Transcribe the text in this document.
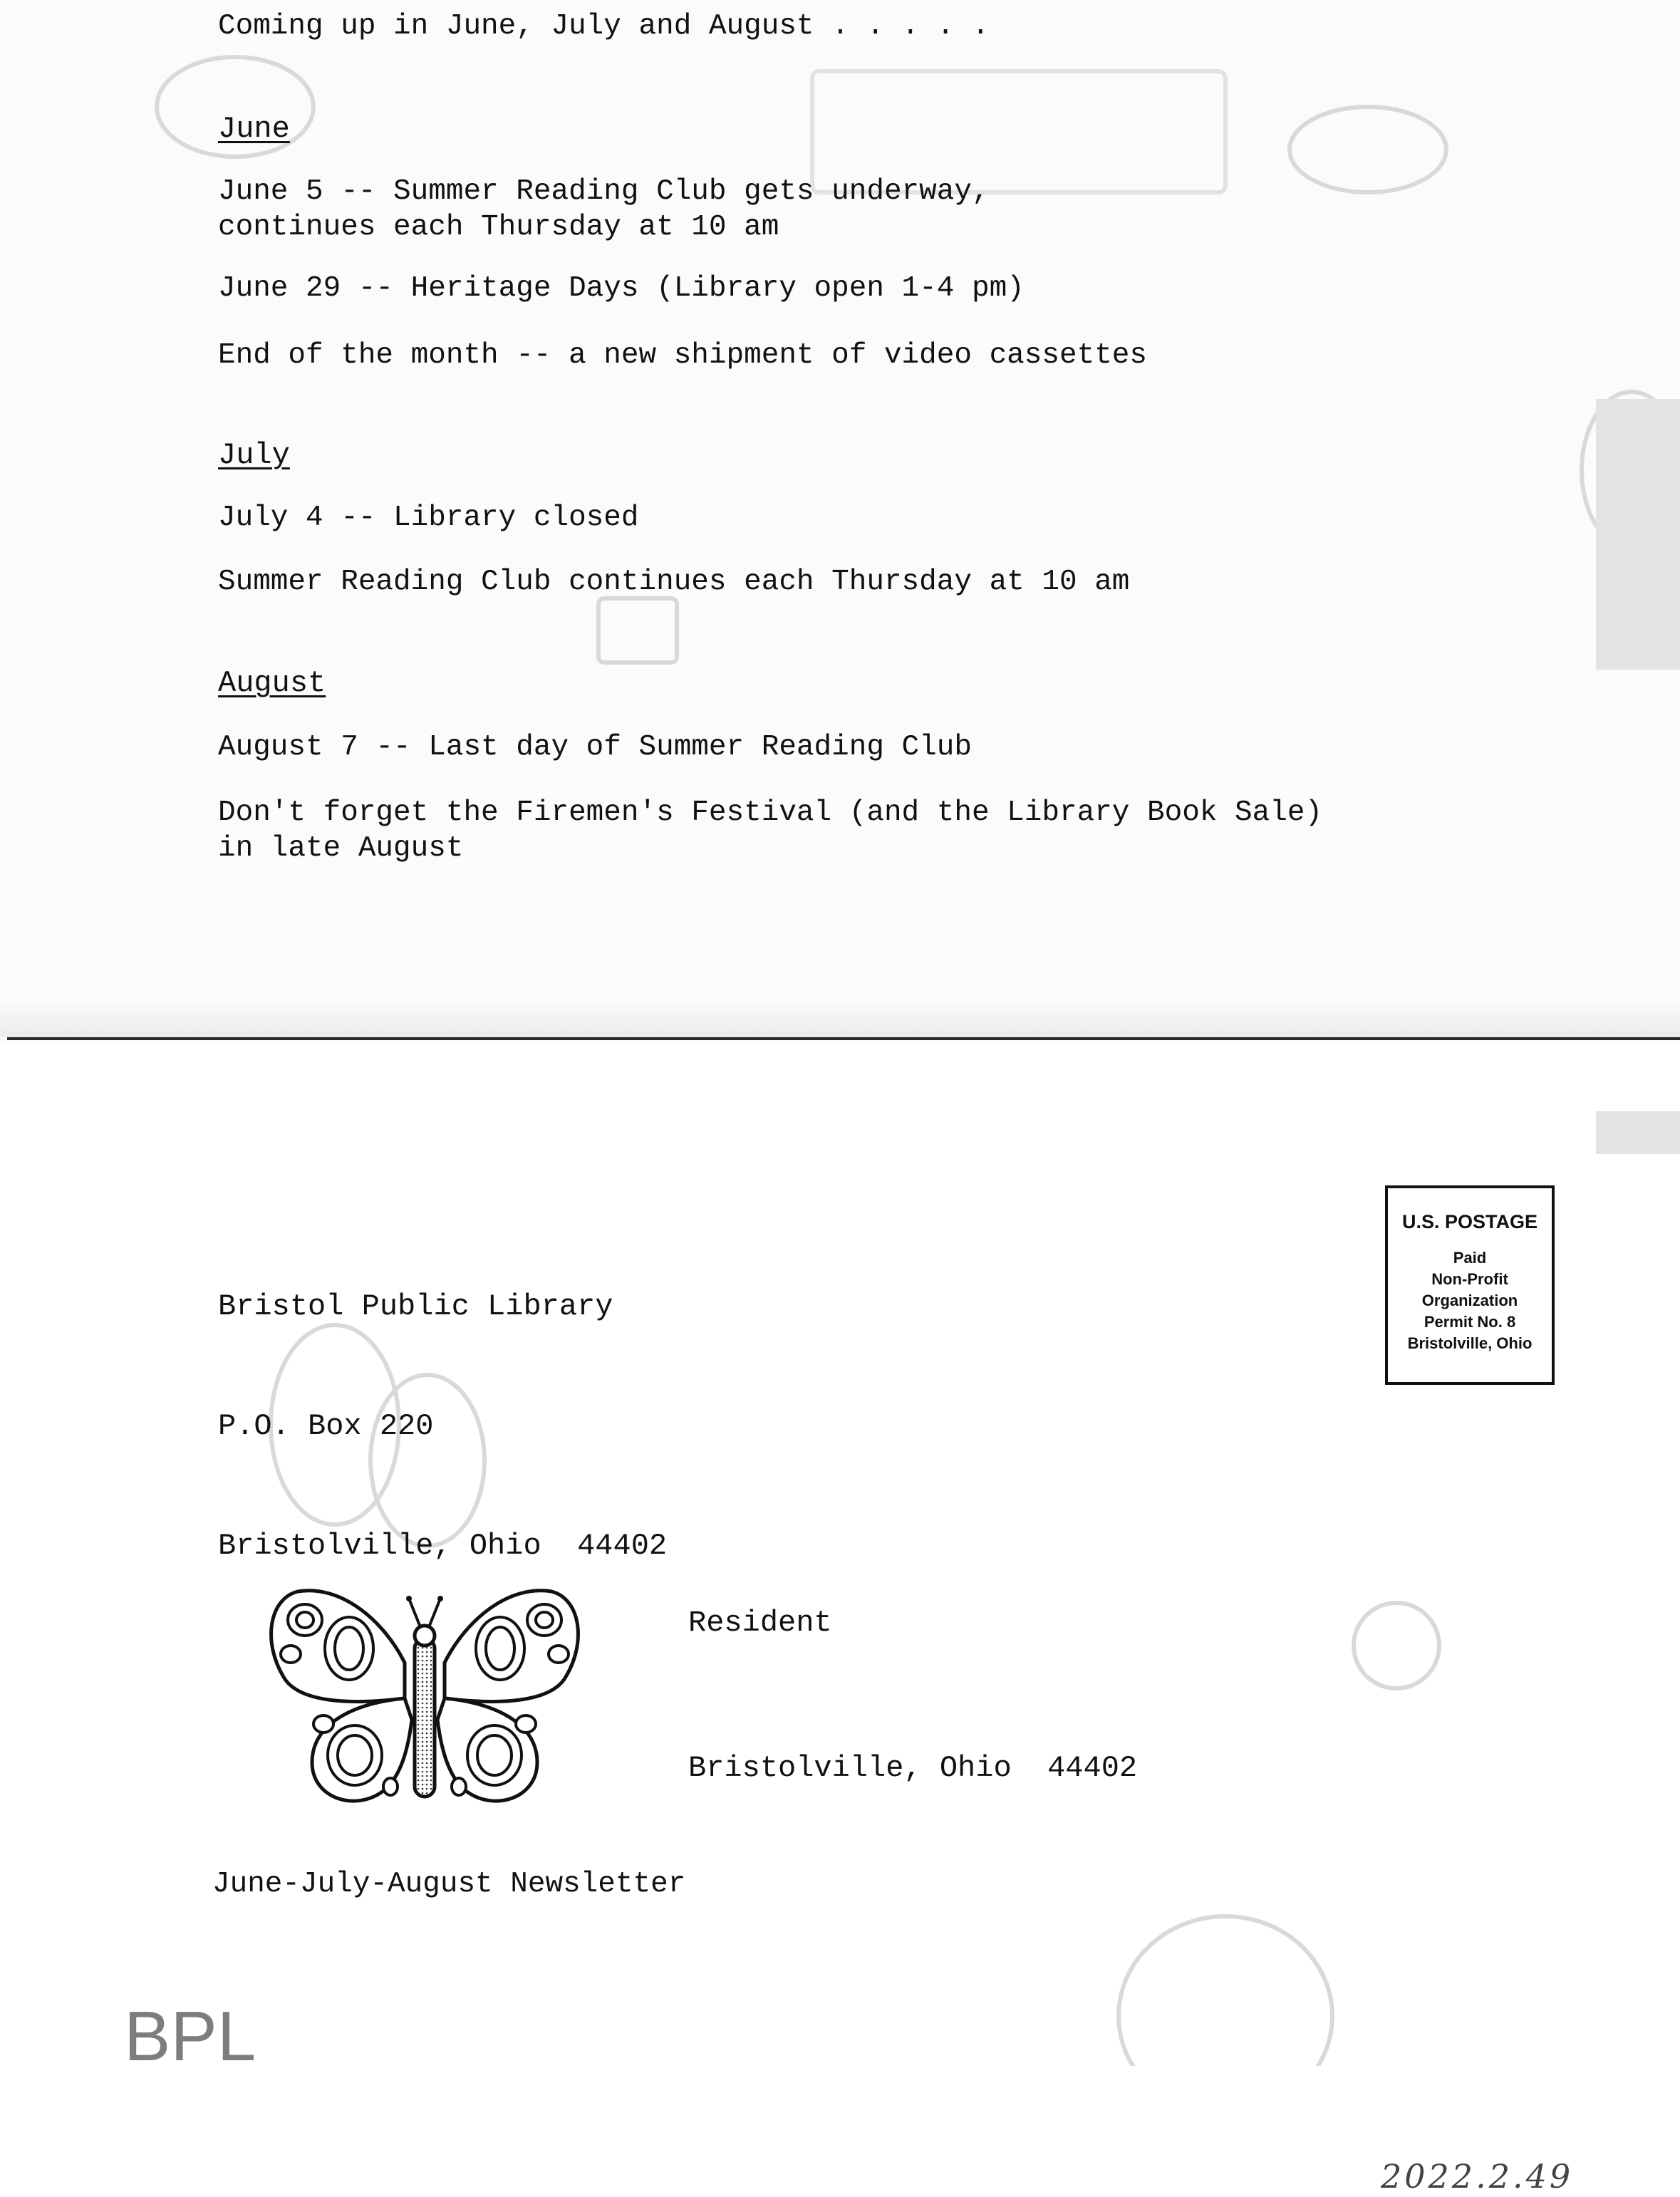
Coming up in June, July and August . . . . .
June
June 5 -- Summer Reading Club gets underway,
continues each Thursday at 10 am
June 29 -- Heritage Days (Library open 1-4 pm)
End of the month -- a new shipment of video cassettes
July
July 4 -- Library closed
Summer Reading Club continues each Thursday at 10 am
August
August 7 -- Last day of Summer Reading Club
Don't forget the Firemen's Festival (and the Library Book Sale)
in late August

Bristol Public Library

P.O. Box 220

Bristolville, Ohio  44402

U.S. POSTAGE
Paid
Non-Profit
Organization
Permit No. 8
Bristolville, Ohio

Resident

Bristolville, Ohio  44402

June-July-August Newsletter
BPL
2022.2.49
